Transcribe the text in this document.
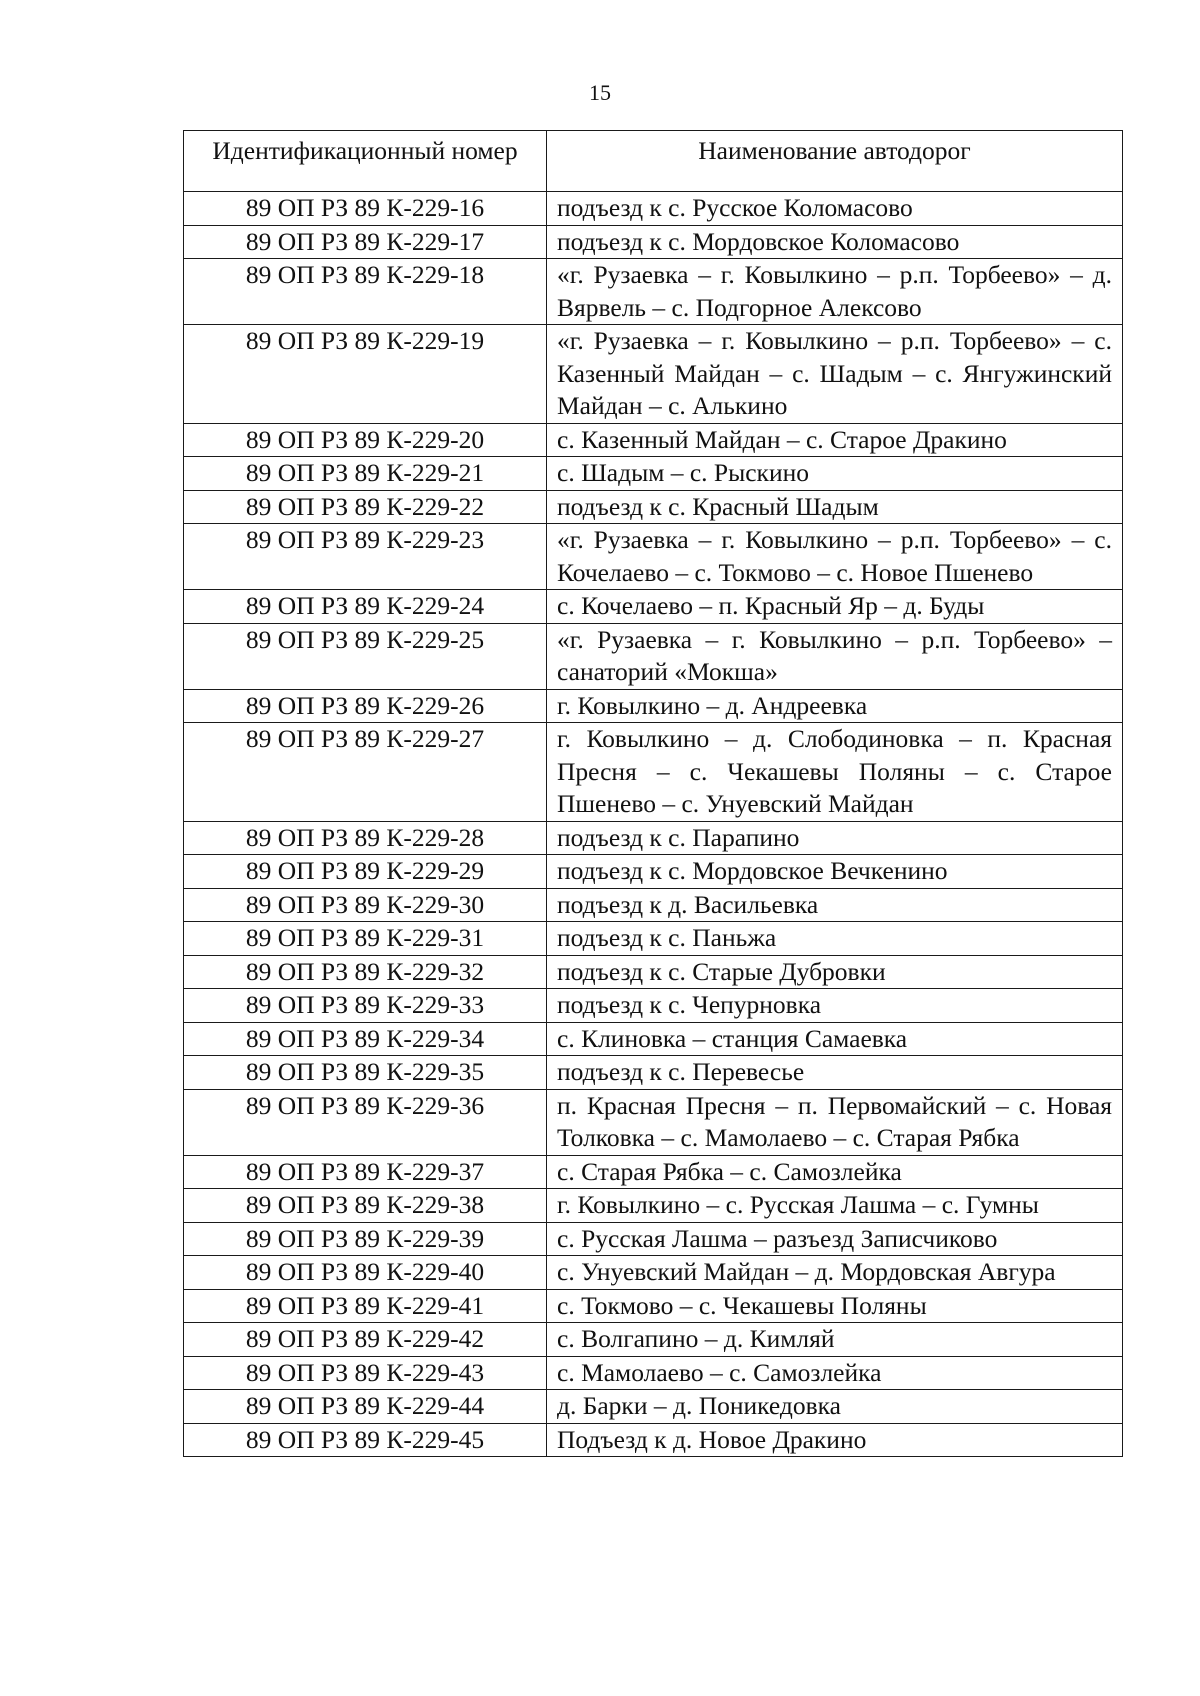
15
Идентификационный номер	Наименование автодорог
89 ОП РЗ 89 К-229-16	подъезд к с. Русское Коломасово
89 ОП РЗ 89 К-229-17	подъезд к с. Мордовское Коломасово
89 ОП РЗ 89 К-229-18	«г. Рузаевка – г. Ковылкино – р.п. Торбеево» – д. Вярвель – с. Подгорное Алексово
89 ОП РЗ 89 К-229-19	«г. Рузаевка – г. Ковылкино – р.п. Торбеево» – с. Казенный Майдан – с. Шадым – с. Янгужинский Майдан – с. Алькино
89 ОП РЗ 89 К-229-20	с. Казенный Майдан – с. Старое Дракино
89 ОП РЗ 89 К-229-21	с. Шадым – с. Рыскино
89 ОП РЗ 89 К-229-22	подъезд к с. Красный Шадым
89 ОП РЗ 89 К-229-23	«г. Рузаевка – г. Ковылкино – р.п. Торбеево» – с. Кочелаево – с. Токмово – с. Новое Пшенево
89 ОП РЗ 89 К-229-24	с. Кочелаево – п. Красный Яр – д. Буды
89 ОП РЗ 89 К-229-25	«г. Рузаевка – г. Ковылкино – р.п. Торбеево» – санаторий «Мокша»
89 ОП РЗ 89 К-229-26	г. Ковылкино – д. Андреевка
89 ОП РЗ 89 К-229-27	г. Ковылкино – д. Слободиновка – п. Красная Пресня – с. Чекашевы Поляны – с. Старое Пшенево – с. Унуевский Майдан
89 ОП РЗ 89 К-229-28	подъезд к с. Парапино
89 ОП РЗ 89 К-229-29	подъезд к с. Мордовское Вечкенино
89 ОП РЗ 89 К-229-30	подъезд к д. Васильевка
89 ОП РЗ 89 К-229-31	подъезд к с. Паньжа
89 ОП РЗ 89 К-229-32	подъезд к с. Старые Дубровки
89 ОП РЗ 89 К-229-33	подъезд к с. Чепурновка
89 ОП РЗ 89 К-229-34	с. Клиновка – станция Самаевка
89 ОП РЗ 89 К-229-35	подъезд к с. Перевесье
89 ОП РЗ 89 К-229-36	п. Красная Пресня – п. Первомайский – с. Новая Толковка – с. Мамолаево – с. Старая Рябка
89 ОП РЗ 89 К-229-37	с. Старая Рябка – с. Самозлейка
89 ОП РЗ 89 К-229-38	г. Ковылкино – с. Русская Лашма – с. Гумны
89 ОП РЗ 89 К-229-39	с. Русская Лашма – разъезд Записчиково
89 ОП РЗ 89 К-229-40	с. Унуевский Майдан – д. Мордовская Авгура
89 ОП РЗ 89 К-229-41	с. Токмово – с. Чекашевы Поляны
89 ОП РЗ 89 К-229-42	с. Волгапино – д. Кимляй
89 ОП РЗ 89 К-229-43	с. Мамолаево – с. Самозлейка
89 ОП РЗ 89 К-229-44	д. Барки – д. Поникедовка
89 ОП РЗ 89 К-229-45	Подъезд к д. Новое Дракино
